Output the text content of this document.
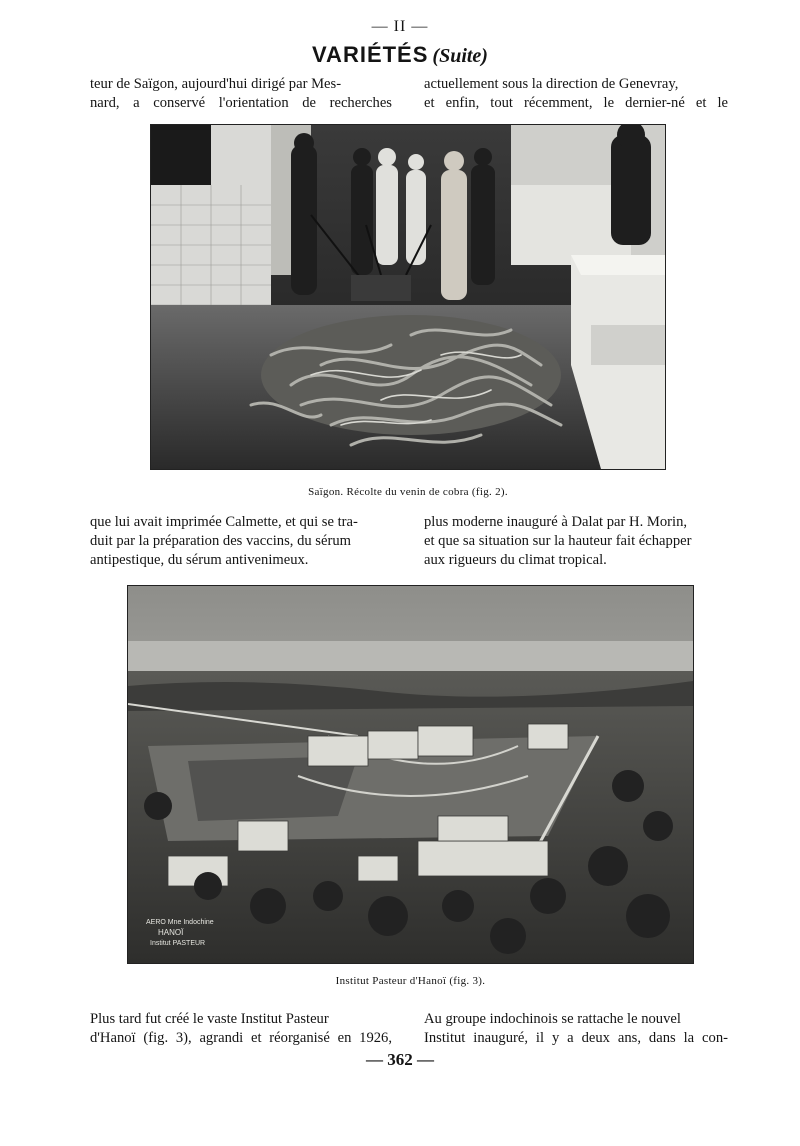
— II —
VARIÉTÉS (Suite)

teur de Saïgon, aujourd'hui dirigé par Mes-

nard, a conservé l'orientation de recherches

actuellement sous la direction de Genevray,

et enfin, tout récemment, le dernier-né et le

Saïgon. Récolte du venin de cobra (fig. 2).

que lui avait imprimée Calmette, et qui se tra-

duit par la préparation des vaccins, du sérum

antipestique, du sérum antivenimeux.

plus moderne inauguré à Dalat par H. Morin,

et que sa situation sur la hauteur fait échapper

aux rigueurs du climat tropical.

AERO Mne Indochine
HANOÏ
Institut PASTEUR
Institut Pasteur d'Hanoï (fig. 3).

Plus tard fut créé le vaste Institut Pasteur

d'Hanoï (fig. 3), agrandi et réorganisé en 1926,

Au groupe indochinois se rattache le nouvel

Institut inauguré, il y a deux ans, dans la con-

— 362 —
